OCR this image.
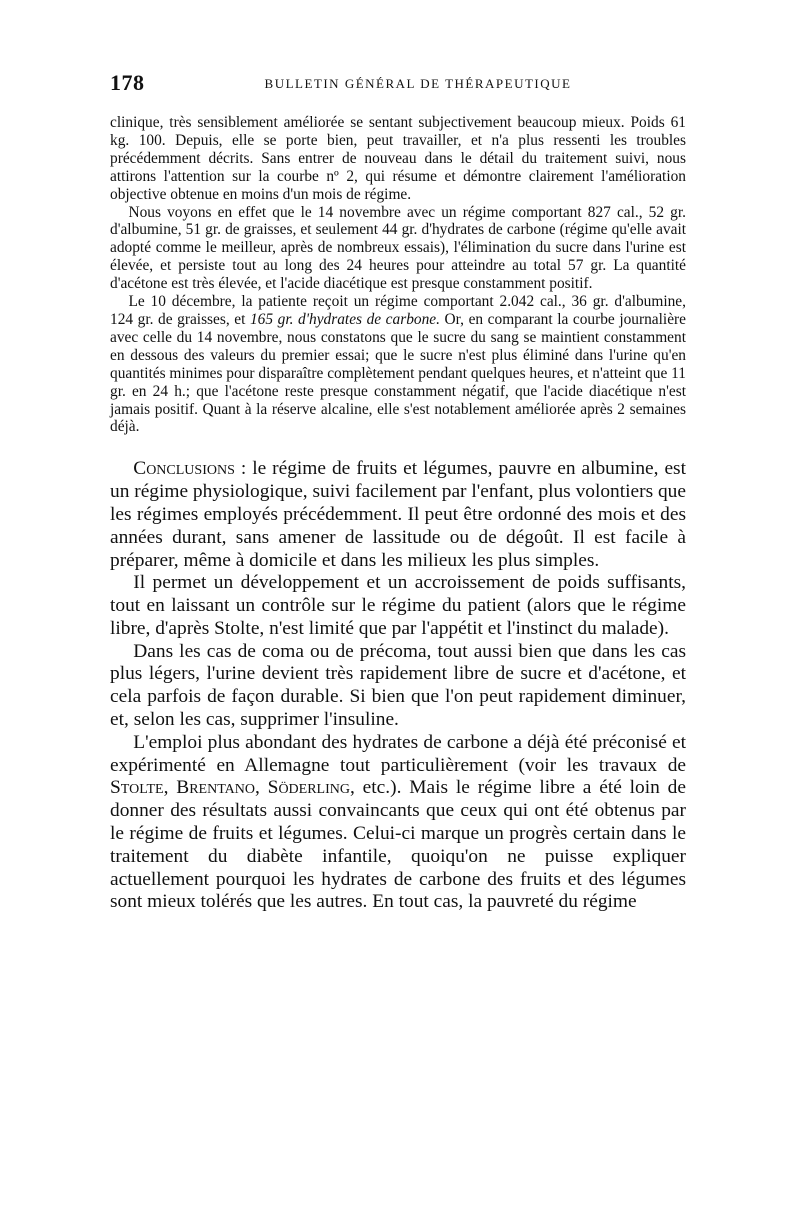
178	BULLETIN GÉNÉRAL DE THÉRAPEUTIQUE

clinique, très sensiblement améliorée se sentant subjectivement beaucoup mieux. Poids 61 kg. 100. Depuis, elle se porte bien, peut travailler, et n'a plus ressenti les troubles précédemment décrits. Sans entrer de nouveau dans le détail du traitement suivi, nous attirons l'attention sur la courbe nº 2, qui résume et démontre clairement l'amélioration objective obtenue en moins d'un mois de régime.

Nous voyons en effet que le 14 novembre avec un régime comportant 827 cal., 52 gr. d'albumine, 51 gr. de graisses, et seulement 44 gr. d'hydrates de carbone (régime qu'elle avait adopté comme le meilleur, après de nombreux essais), l'élimination du sucre dans l'urine est élevée, et persiste tout au long des 24 heures pour atteindre au total 57 gr. La quantité d'acétone est très élevée, et l'acide diacétique est presque constamment positif.

Le 10 décembre, la patiente reçoit un régime comportant 2.042 cal., 36 gr. d'albumine, 124 gr. de graisses, et 165 gr. d'hydrates de carbone. Or, en comparant la courbe journalière avec celle du 14 novembre, nous constatons que le sucre du sang se maintient constamment en dessous des valeurs du premier essai; que le sucre n'est plus éliminé dans l'urine qu'en quantités minimes pour disparaître complètement pendant quelques heures, et n'atteint que 11 gr. en 24 h.; que l'acétone reste presque constamment négatif, que l'acide diacétique n'est jamais positif. Quant à la réserve alcaline, elle s'est notablement améliorée après 2 semaines déjà.

Conclusions : le régime de fruits et légumes, pauvre en albumine, est un régime physiologique, suivi facilement par l'enfant, plus volontiers que les régimes employés précédemment. Il peut être ordonné des mois et des années durant, sans amener de lassitude ou de dégoût. Il est facile à préparer, même à domicile et dans les milieux les plus simples.

Il permet un développement et un accroissement de poids suffisants, tout en laissant un contrôle sur le régime du patient (alors que le régime libre, d'après Stolte, n'est limité que par l'appétit et l'instinct du malade).

Dans les cas de coma ou de précoma, tout aussi bien que dans les cas plus légers, l'urine devient très rapidement libre de sucre et d'acétone, et cela parfois de façon durable. Si bien que l'on peut rapidement diminuer, et, selon les cas, supprimer l'insuline.

L'emploi plus abondant des hydrates de carbone a déjà été préconisé et expérimenté en Allemagne tout particulièrement (voir les travaux de Stolte, Brentano, Söderling, etc.). Mais le régime libre a été loin de donner des résultats aussi convaincants que ceux qui ont été obtenus par le régime de fruits et légumes. Celui-ci marque un progrès certain dans le traitement du diabète infantile, quoiqu'on ne puisse expliquer actuellement pourquoi les hydrates de carbone des fruits et des légumes sont mieux tolérés que les autres. En tout cas, la pauvreté du régime
